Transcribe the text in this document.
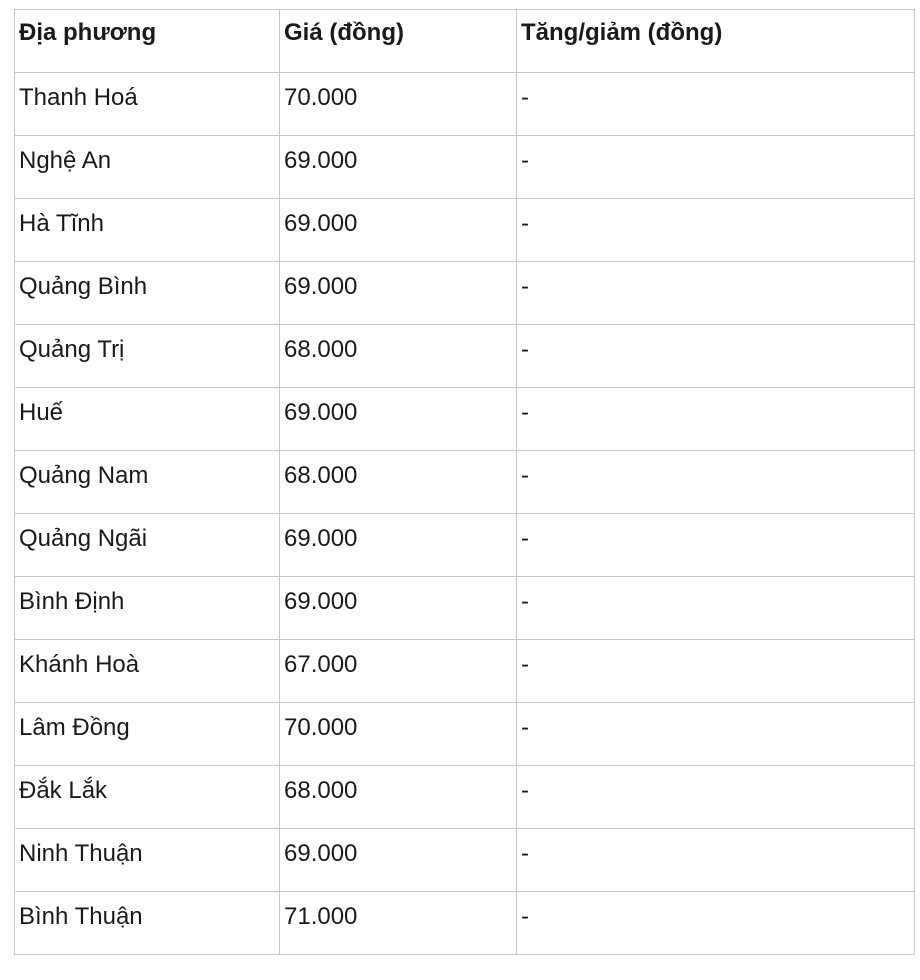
Địa phương	Giá (đồng)	Tăng/giảm (đồng)
Thanh Hoá	70.000	-
Nghệ An	69.000	-
Hà Tĩnh	69.000	-
Quảng Bình	69.000	-
Quảng Trị	68.000	-
Huế	69.000	-
Quảng Nam	68.000	-
Quảng Ngãi	69.000	-
Bình Định	69.000	-
Khánh Hoà	67.000	-
Lâm Đồng	70.000	-
Đắk Lắk	68.000	-
Ninh Thuận	69.000	-
Bình Thuận	71.000	-
